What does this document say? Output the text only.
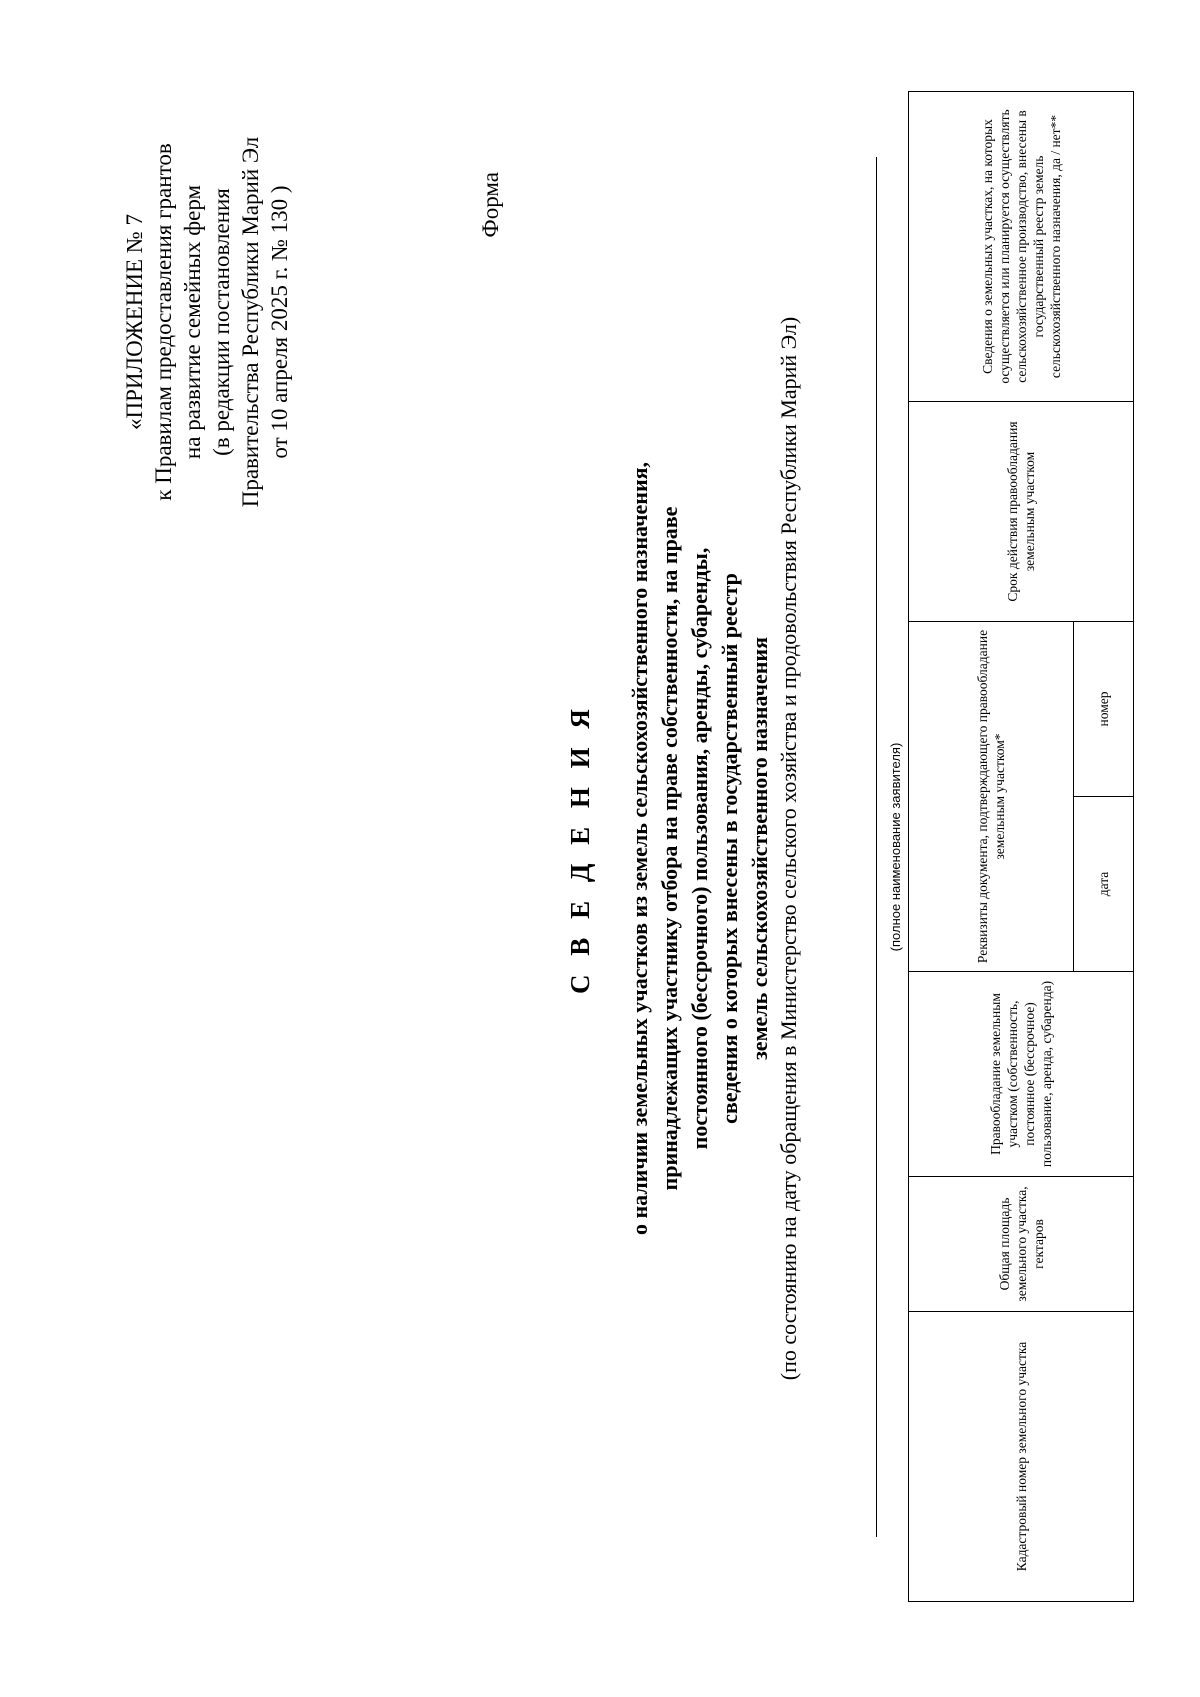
«ПРИЛОЖЕНИЕ № 7 к Правилам предоставления грантов на развитие семейных ферм (в редакции постановления Правительства Республики Марий Эл от 10 апреля 2025 г. № 130 )	Форма
С В Е Д Е Н И Я о наличии земельных участков из земель сельскохозяйственного назначения, принадлежащих участнику отбора на праве собственности, на праве постоянного (бессрочного) пользования, аренды, субаренды, сведения о которых внесены в государственный реестр земель сельскохозяйственного назначения (по состоянию на дату обращения в Министерство сельского хозяйства и продовольствия Республики Марий Эл)	(полное наименование заявителя)
Кадастровый номер земельного участка	Общая площадь земельного участка, гектаров	Правообладание земельным участком (собственность, постоянное (бессрочное) пользование, аренда, субаренда)	Реквизиты документа, подтверждающего правообладание земельным участком*		Срок действия правообладания земельным участком	Сведения о земельных участках, на которых осуществляется или планируется осуществлять сельскохозяйственное производство, внесены в государственный реестр земель сельскохозяйственного назначения, да / нет**
			дата	номер		
